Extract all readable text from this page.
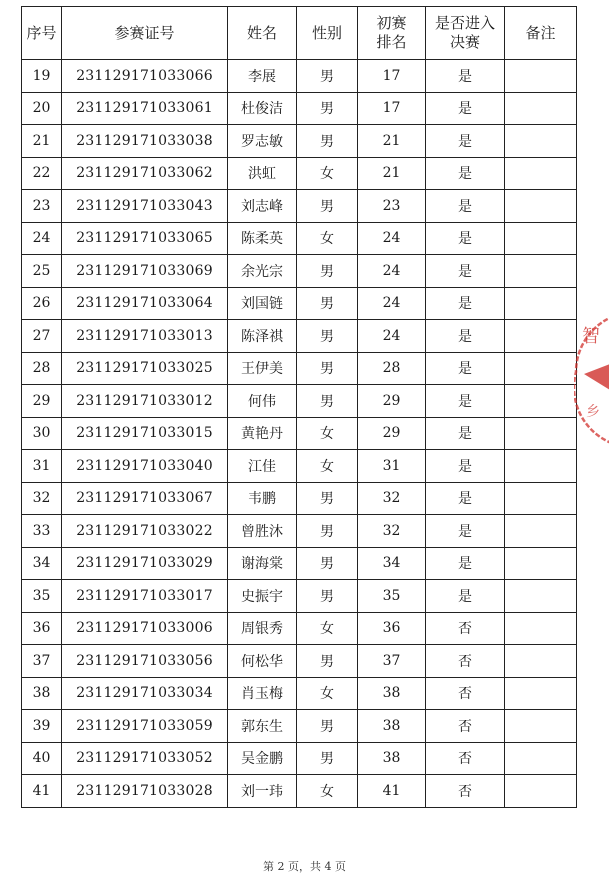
序号	参赛证号	姓名	性别	初赛排名	是否进入决赛	备注
19	231129171033066	李展	男	17	是	
20	231129171033061	杜俊洁	男	17	是	
21	231129171033038	罗志敏	男	21	是	
22	231129171033062	洪虹	女	21	是	
23	231129171033043	刘志峰	男	23	是	
24	231129171033065	陈柔英	女	24	是	
25	231129171033069	余光宗	男	24	是	
26	231129171033064	刘国链	男	24	是	
27	231129171033013	陈泽祺	男	24	是	
28	231129171033025	王伊美	男	28	是	
29	231129171033012	何伟	男	29	是	
30	231129171033015	黄艳丹	女	29	是	
31	231129171033040	江佳	女	31	是	
32	231129171033067	韦鹏	男	32	是	
33	231129171033022	曾胜沐	男	32	是	
34	231129171033029	谢海棠	男	34	是	
35	231129171033017	史振宇	男	35	是	
36	231129171033006	周银秀	女	36	否	
37	231129171033056	何松华	男	37	否	
38	231129171033034	肖玉梅	女	38	否	
39	231129171033059	郭东生	男	38	否	
40	231129171033052	吴金鹏	男	38	否	
41	231129171033028	刘一玮	女	41	否	
智
乡
第 2 页，共 4 页
